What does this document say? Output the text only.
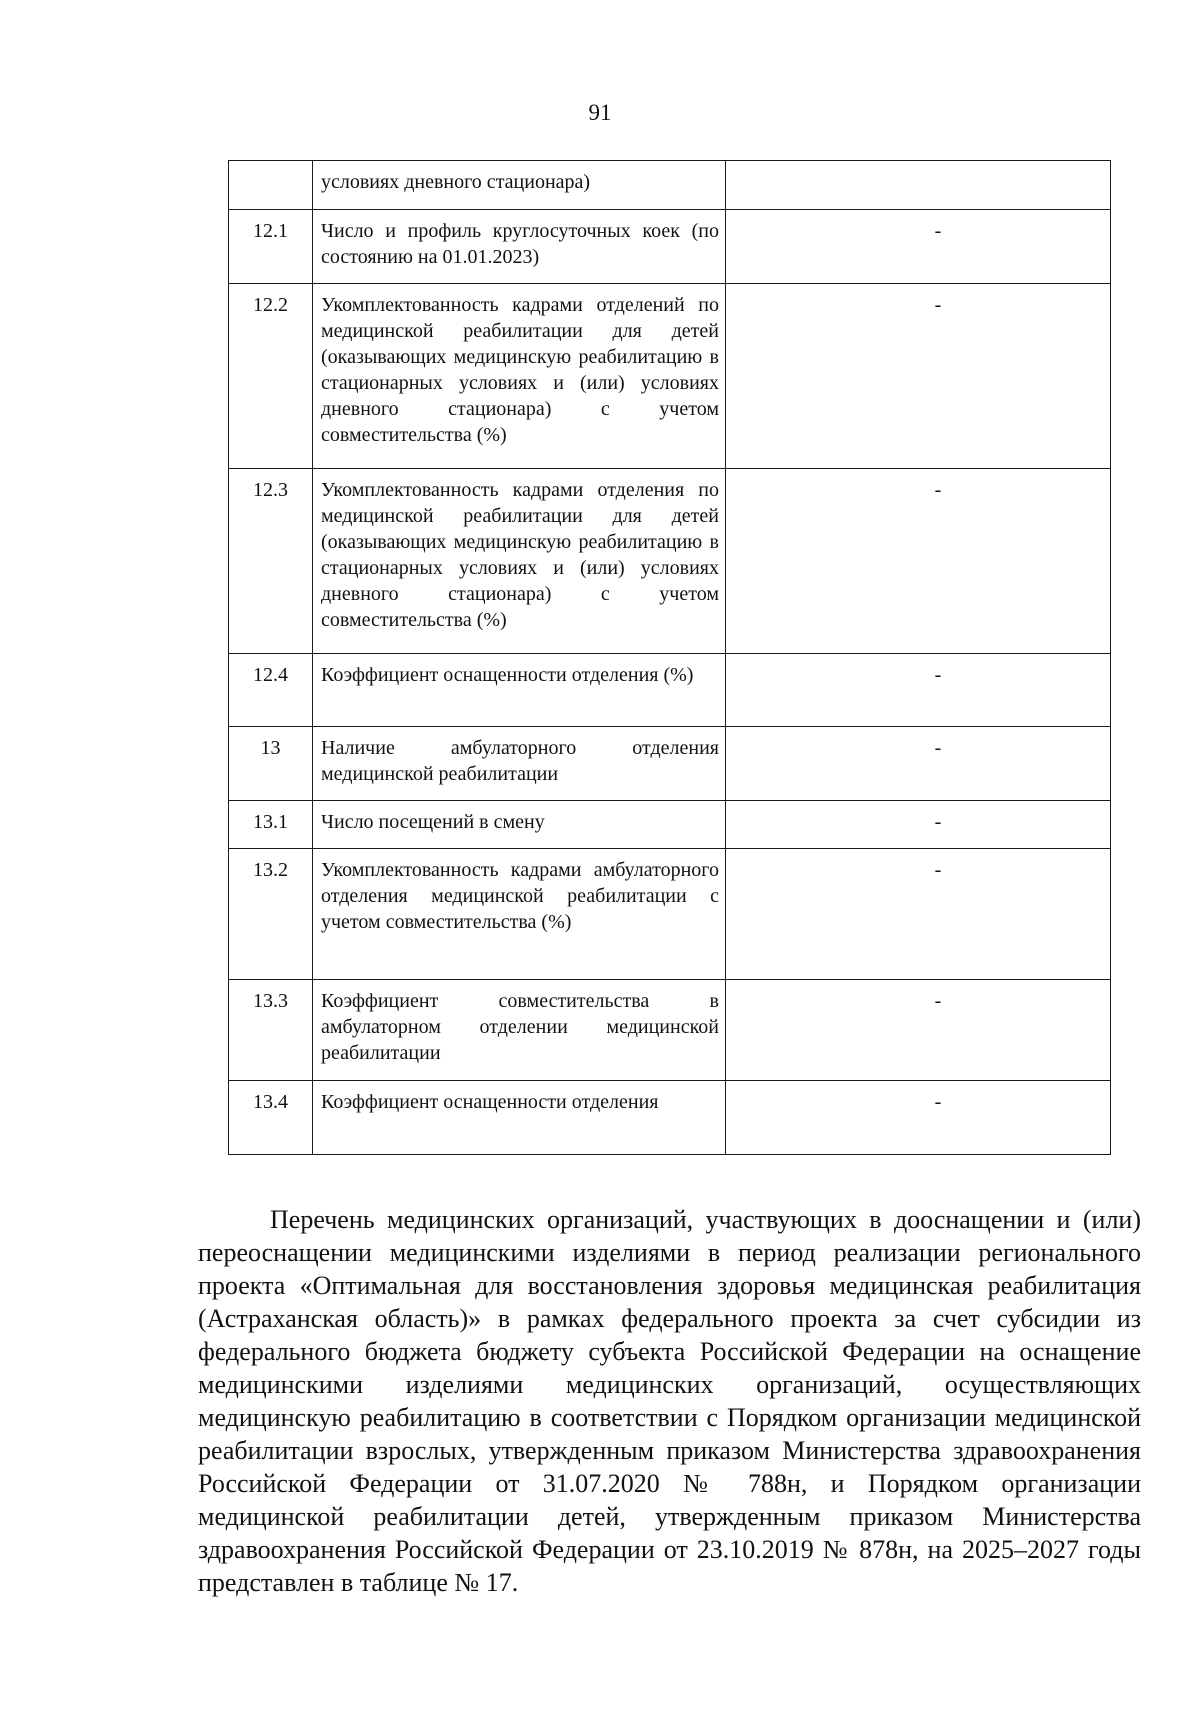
91
	условиях дневного стационара)	
12.1	Число и профиль круглосуточных коек (по состоянию на 01.01.2023)	-
12.2	Укомплектованность кадрами отделений по медицинской реабилитации для детей (оказывающих медицинскую реабилитацию в стационарных условиях и (или) условиях дневного стационара) с учетом совместительства (%)	-
12.3	Укомплектованность кадрами отделения по медицинской реабилитации для детей (оказывающих медицинскую реабилитацию в стационарных условиях и (или) условиях дневного стационара) с учетом совместительства (%)	-
12.4	Коэффициент оснащенности отделения (%)	-
13	Наличие амбулаторного отделения медицинской реабилитации	-
13.1	Число посещений в смену	-
13.2	Укомплектованность кадрами амбулаторного отделения медицинской реабилитации с учетом совместительства (%)	-
13.3	Коэффициент совместительства в амбулаторном отделении медицинской реабилитации	-
13.4	Коэффициент оснащенности отделения	-
Перечень медицинских организаций, участвующих в дооснащении и (или) переоснащении медицинскими изделиями в период реализации регионального проекта «Оптимальная для восстановления здоровья медицинская реабилитация (Астраханская область)» в рамках федерального проекта за счет субсидии из федерального бюджета бюджету субъекта Российской Федерации на оснащение медицинскими изделиями медицинских организаций, осуществляющих медицинскую реабилитацию в соответствии с Порядком организации медицинской реабилитации взрослых, утвержденным приказом Министерства здравоохранения Российской Федерации от 31.07.2020 № 788н, и Порядком организации медицинской реабилитации детей, утвержденным приказом Министерства здравоохранения Российской Федерации от 23.10.2019 № 878н, на 2025–2027 годы представлен в таблице № 17.
